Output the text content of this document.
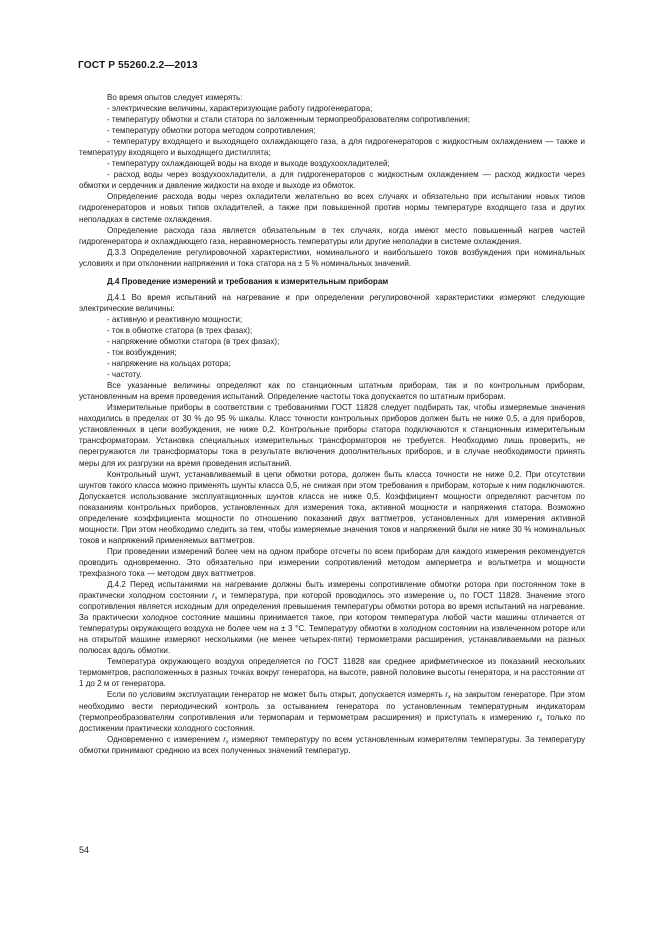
ГОСТ Р 55260.2.2—2013

Во время опытов следует измерять:

- электрические величины, характеризующие работу гидрогенератора;

- температуру обмотки и стали статора по заложенным термопреобразователям сопротивления;

- температуру обмотки ротора методом сопротивления;

- температуру входящего и выходящего охлаждающего газа, а для гидрогенераторов с жидкостным охлаждением — также и температуру входящего и выходящего дистиллята;

- температуру охлаждающей воды на входе и выходе воздухоохладителей;

- расход воды через воздухоохладители, а для гидрогенераторов с жидкостным охлаждением — расход жидкости через обмотки и сердечник и давление жидкости на входе и выходе из обмоток.

Определение расхода воды через охладители желательно во всех случаях и обязательно при испытании новых типов гидрогенераторов и новых типов охладителей, а также при повышенной против нормы температуре входящего газа и других неполадках в системе охлаждения.

Определение расхода газа является обязательным в тех случаях, когда имеют место повышенный нагрев частей гидрогенератора и охлаждающего газа, неравномерность температуры или другие неполадки в системе охлаждения.

Д.3.3 Определение регулировочной характеристики, номинального и наибольшего токов возбуждения при номинальных условиях и при отклонении напряжения и тока статора на ± 5 % номинальных значений.

Д.4 Проведение измерений и требования к измерительным приборам

Д.4.1 Во время испытаний на нагревание и при определении регулировочной характеристики измеряют следующие электрические величины:

- активную и реактивную мощности;

- ток в обмотке статора (в трех фазах);

- напряжение обмотки статора (в трех фазах);

- ток возбуждения;

- напряжение на кольцах ротора;

- частоту.

Все указанные величины определяют как по станционным штатным приборам, так и по контрольным приборам, установленным на время проведения испытаний. Определение частоты тока допускается по штатным приборам.

Измерительные приборы в соответствии с требованиями ГОСТ 11828 следует подбирать так, чтобы измеряемые значения находились в пределах от 30 % до 95 % шкалы. Класс точности контрольных приборов должен быть не ниже 0,5, а для приборов, установленных в цепи возбуждения, не ниже 0,2. Контрольные приборы статора подключаются к станционным измерительным трансформаторам. Установка специальных измерительных трансформаторов не требуется. Необходимо лишь проверить, не перегружаются ли трансформаторы тока в результате включения дополнительных приборов, и в случае необходимости принять меры для их разгрузки на время проведения испытаний.

Контрольный шунт, устанавливаемый в цепи обмотки ротора, должен быть класса точности не ниже 0,2. При отсутствии шунтов такого класса можно применять шунты класса 0,5, не снижая при этом требования к приборам, которые к ним подключаются. Допускается использование эксплуатационных шунтов класса не ниже 0,5. Коэффициент мощности определяют расчетом по показаниям контрольных приборов, установленных для измерения тока, активной мощности и напряжения статора. Возможно определение коэффициента мощности по отношению показаний двух ваттметров, установленных для измерения активной мощности. При этом необходимо следить за тем, чтобы измеряемые значения токов и напряжений были не ниже 30 % номинальных токов и напряжений применяемых ваттметров.

При проведении измерений более чем на одном приборе отсчеты по всем приборам для каждого измерения рекомендуется проводить одновременно. Это обязательно при измерении сопротивлений методом амперметра и вольтметра и мощности трехфазного тока — методом двух ваттметров.

Д.4.2 Перед испытаниями на нагревание должны быть измерены сопротивление обмотки ротора при постоянном токе в практически холодном состоянии $r_x$ и температура, при которой проводилось это измерение $\upsilon_x$ по ГОСТ 11828. Значение этого сопротивления является исходным для определения превышения температуры обмотки ротора во время испытаний на нагревание. За практически холодное состояние машины принимается такое, при котором температура любой части машины отличается от температуры окружающего воздуха не более чем на ± 3 °С. Температуру обмотки в холодном состоянии на извлеченном роторе или на открытой машине измеряют несколькими (не менее четырех-пяти) термометрами расширения, устанавливаемыми на разных полюсах вдоль обмотки.

Температура окружающего воздуха определяется по ГОСТ 11828 как среднее арифметическое из показаний нескольких термометров, расположенных в разных точках вокруг генератора, на высоте, равной половине высоты генератора, и на расстоянии от 1 до 2 м от генератора.

Если по условиям эксплуатации генератор не может быть открыт, допускается измерять $r_x$ на закрытом генераторе. При этом необходимо вести периодический контроль за остыванием генератора по установленным температурным индикаторам (термопреобразователям сопротивления или термопарам и термометрам расширения) и приступать к измерению $r_x$ только по достижении практически холодного состояния.

Одновременно с измерением $r_x$ измеряют температуру по всем установленным измерителям температуры. За температуру обмотки принимают среднюю из всех полученных значений температур.

54
